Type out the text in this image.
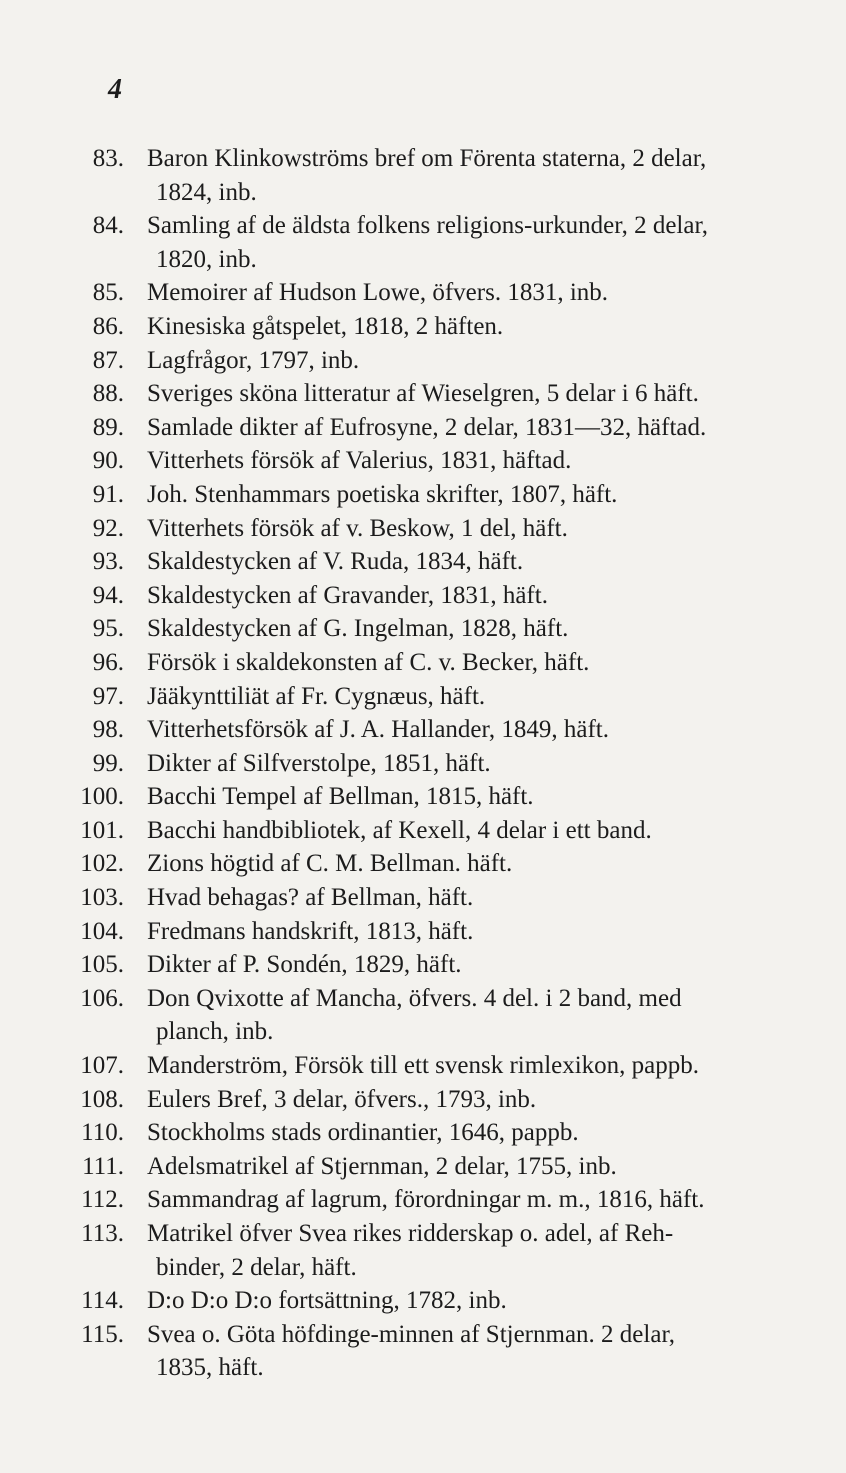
4
83. Baron Klinkowströms bref om Förenta staterna, 2 delar,
1824, inb.
84. Samling af de äldsta folkens religions-urkunder, 2 delar,
1820, inb.
85. Memoirer af Hudson Lowe, öfvers. 1831, inb.
86. Kinesiska gåtspelet, 1818, 2 häften.
87. Lagfrågor, 1797, inb.
88. Sveriges sköna litteratur af Wieselgren, 5 delar i 6 häft.
89. Samlade dikter af Eufrosyne, 2 delar, 1831—32, häftad.
90. Vitterhets försök af Valerius, 1831, häftad.
91. Joh. Stenhammars poetiska skrifter, 1807, häft.
92. Vitterhets försök af v. Beskow, 1 del, häft.
93. Skaldestycken af V. Ruda, 1834, häft.
94. Skaldestycken af Gravander, 1831, häft.
95. Skaldestycken af G. Ingelman, 1828, häft.
96. Försök i skaldekonsten af C. v. Becker, häft.
97. Jääkynttiliät af Fr. Cygnæus, häft.
98. Vitterhetsförsök af J. A. Hallander, 1849, häft.
99. Dikter af Silfverstolpe, 1851, häft.
100. Bacchi Tempel af Bellman, 1815, häft.
101. Bacchi handbibliotek, af Kexell, 4 delar i ett band.
102. Zions högtid af C. M. Bellman. häft.
103. Hvad behagas? af Bellman, häft.
104. Fredmans handskrift, 1813, häft.
105. Dikter af P. Sondén, 1829, häft.
106. Don Qvixotte af Mancha, öfvers. 4 del. i 2 band, med
planch, inb.
107. Manderström, Försök till ett svensk rimlexikon, pappb.
108. Eulers Bref, 3 delar, öfvers., 1793, inb.
110. Stockholms stads ordinantier, 1646, pappb.
111. Adelsmatrikel af Stjernman, 2 delar, 1755, inb.
112. Sammandrag af lagrum, förordningar m. m., 1816, häft.
113. Matrikel öfver Svea rikes ridderskap o. adel, af Reh-
binder, 2 delar, häft.
114. D:o D:o D:o fortsättning, 1782, inb.
115. Svea o. Göta höfdinge-minnen af Stjernman. 2 delar,
1835, häft.
